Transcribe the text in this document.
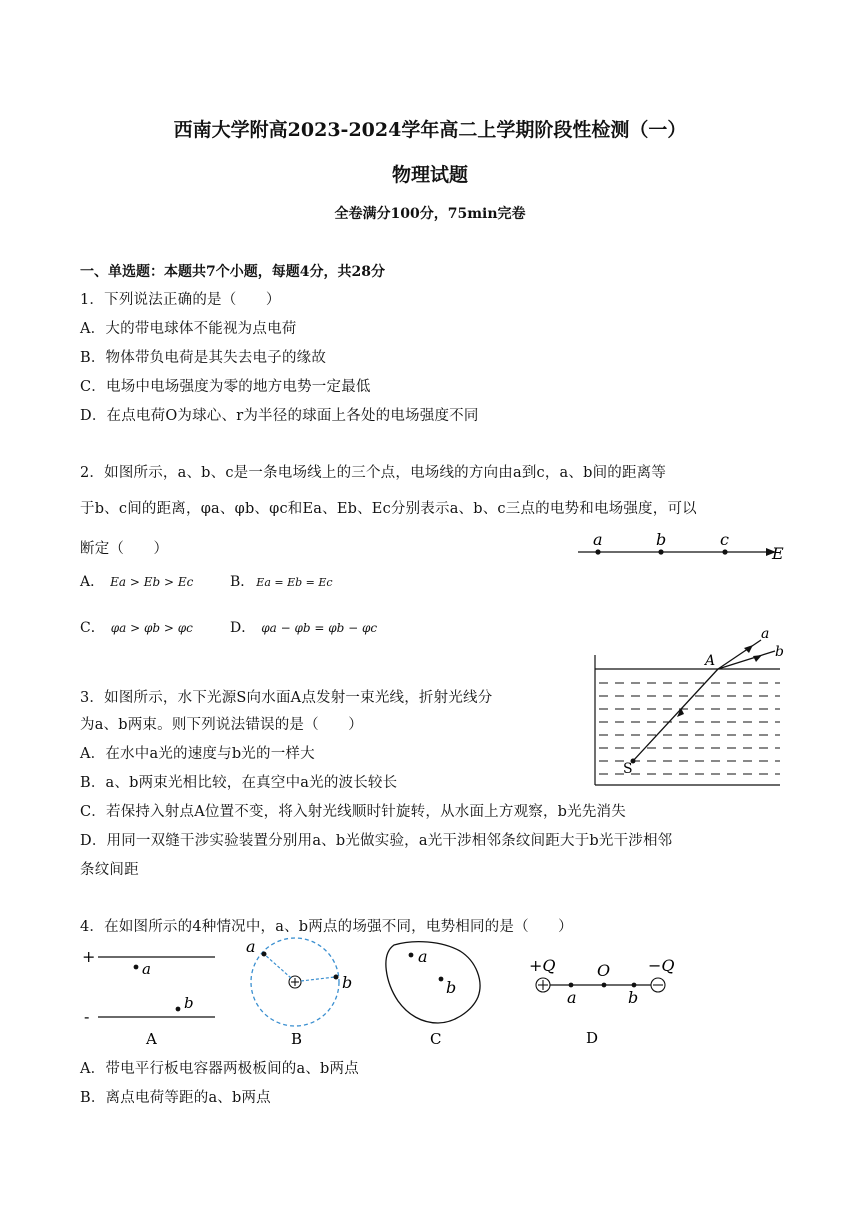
西南大学附高2023-2024学年高二上学期阶段性检测（一）
物理试题
全卷满分100分，75min完卷
一、单选题：本题共7个小题，每题4分，共28分
1．下列说法正确的是（　　）
A．大的带电球体不能视为点电荷
B．物体带负电荷是其失去电子的缘故
C．电场中电场强度为零的地方电势一定最低
D．在点电荷O为球心、r为半径的球面上各处的电场强度不同
2．如图所示，a、b、c是一条电场线上的三个点，电场线的方向由a到c，a、b间的距离等
于b、c间的距离，φa、φb、φc和Ea、Eb、Ec分别表示a、b、c三点的电势和电场强度，可以
断定（　　）	a	b	c
E
A． Ea > Eb > Ec	B． Ea = Eb = Ec
C． φa > φb > φc	D． φa − φb = φb − φc
S
A
a
b
3．如图所示，水下光源S向水面A点发射一束光线，折射光线分
为a、b两束。则下列说法错误的是（　　）
A．在水中a光的速度与b光的一样大
B．a、b两束光相比较，在真空中a光的波长较长
C．若保持入射点A位置不变，将入射光线顺时针旋转，从水面上方观察，b光先消失
D．用同一双缝干涉实验装置分别用a、b光做实验，a光干涉相邻条纹间距大于b光干涉相邻
条纹间距
4．在如图所示的4种情况中，a、b两点的场强不同，电势相同的是（　　）
+
a
-
b
A
a
b
B
a
b
C
+Q	−Q
O
a	b
D
A．带电平行板电容器两极板间的a、b两点
B．离点电荷等距的a、b两点
